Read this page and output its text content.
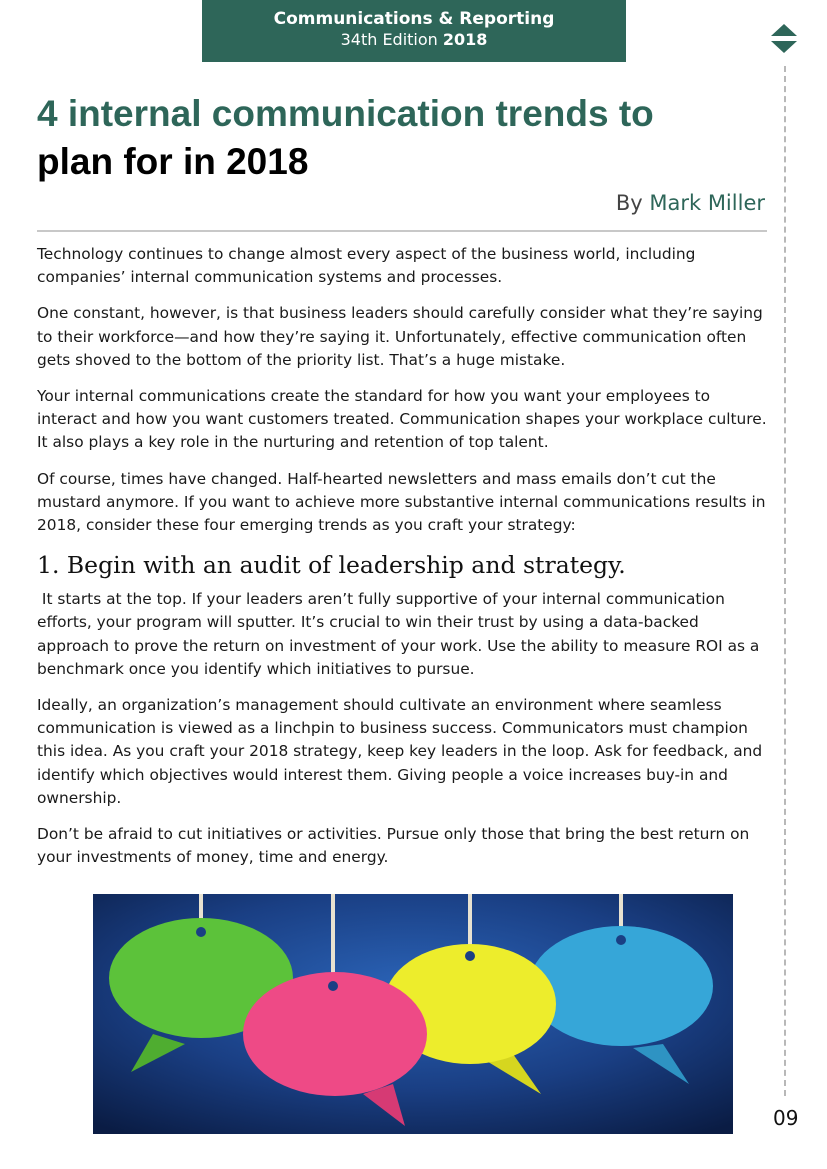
Communications & Reporting
34th Edition 2018
4 internal communication trends to
plan for in 2018
By Mark Miller

Technology continues to change almost every aspect of the business world, including companies’ internal communication systems and processes.

One constant, however, is that business leaders should carefully consider what they’re saying to their workforce—and how they’re saying it. Unfortunately, effective communication often gets shoved to the bottom of the priority list. That’s a huge mistake.

Your internal communications create the standard for how you want your employees to interact and how you want customers treated. Communication shapes your workplace culture. It also plays a key role in the nurturing and retention of top talent.

Of course, times have changed. Half-hearted newsletters and mass emails don’t cut the mustard anymore. If you want to achieve more substantive internal communications results in 2018, consider these four emerging trends as you craft your strategy:

1. Begin with an audit of leadership and strategy.

It starts at the top. If your leaders aren’t fully supportive of your internal communication efforts, your program will sputter. It’s crucial to win their trust by using a data-backed approach to prove the return on investment of your work. Use the ability to measure ROI as a benchmark once you identify which initiatives to pursue.

Ideally, an organization’s management should cultivate an environment where seamless communication is viewed as a linchpin to business success. Communicators must champion this idea. As you craft your 2018 strategy, keep key leaders in the loop. Ask for feedback, and identify which objectives would interest them. Giving people a voice increases buy-in and ownership.

Don’t be afraid to cut initiatives or activities. Pursue only those that bring the best return on your investments of money, time and energy.

09
